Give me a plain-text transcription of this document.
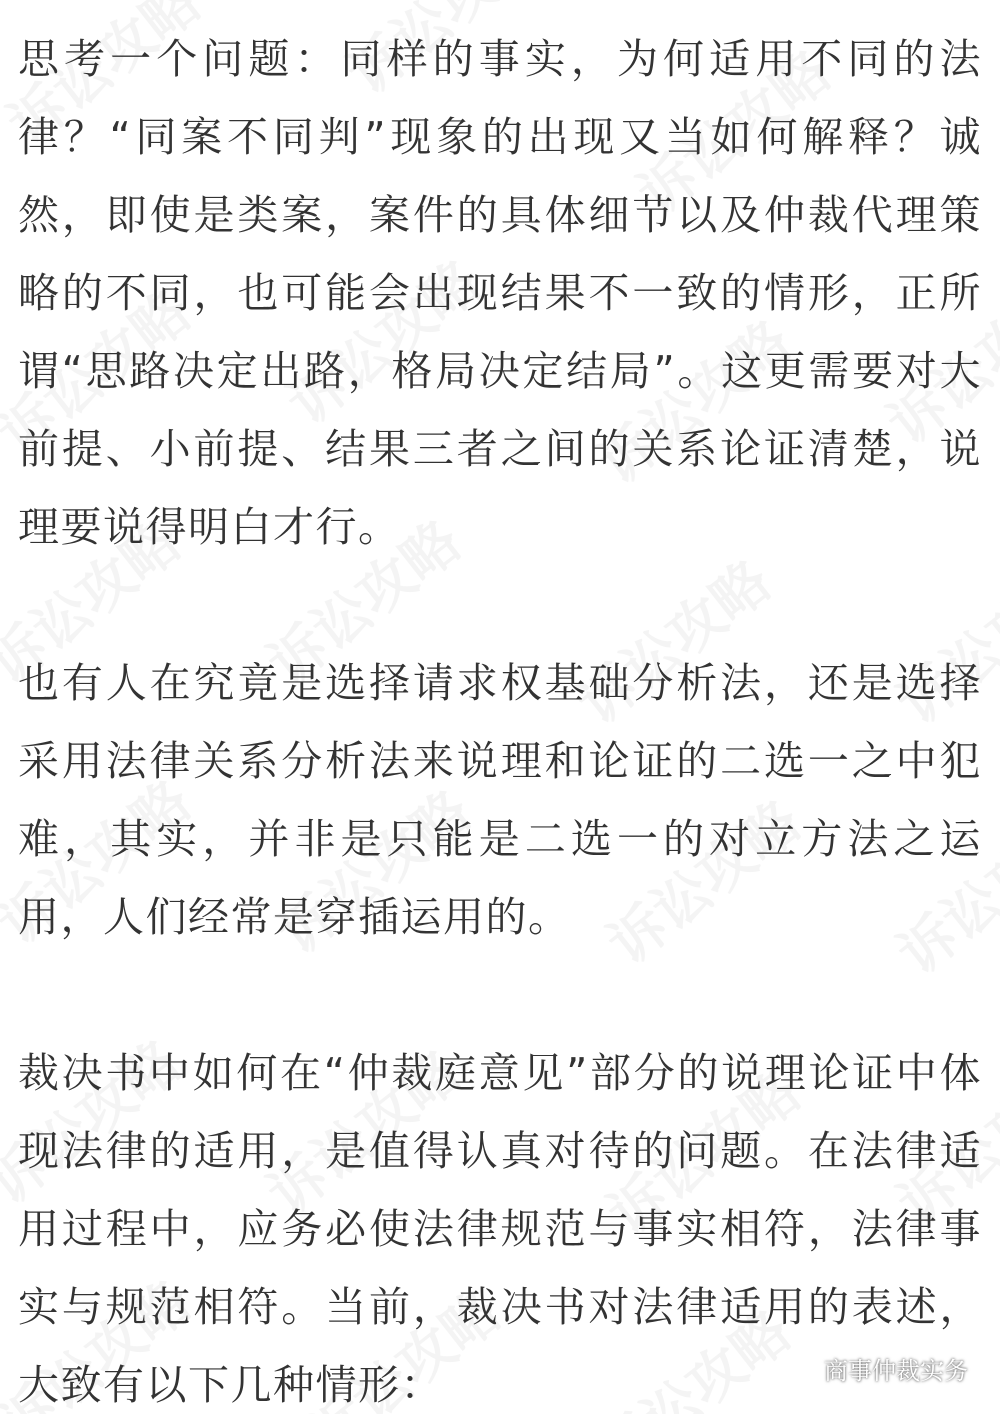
思考一个问题：同样的事实，为何适用不同的法律？“同案不同判”现象的出现又当如何解释？诚然，即使是类案，案件的具体细节以及仲裁代理策略的不同，也可能会出现结果不一致的情形，正所谓“思路决定出路，格局决定结局”。这更需要对大前提、小前提、结果三者之间的关系论证清楚，说理要说得明白才行。

也有人在究竟是选择请求权基础分析法，还是选择采用法律关系分析法来说理和论证的二选一之中犯难，其实，并非是只能是二选一的对立方法之运用，人们经常是穿插运用的。

裁决书中如何在“仲裁庭意见”部分的说理论证中体现法律的适用，是值得认真对待的问题。在法律适用过程中，应务必使法律规范与事实相符，法律事实与规范相符。当前，裁决书对法律适用的表述，大致有以下几种情形：	商事仲裁实务
